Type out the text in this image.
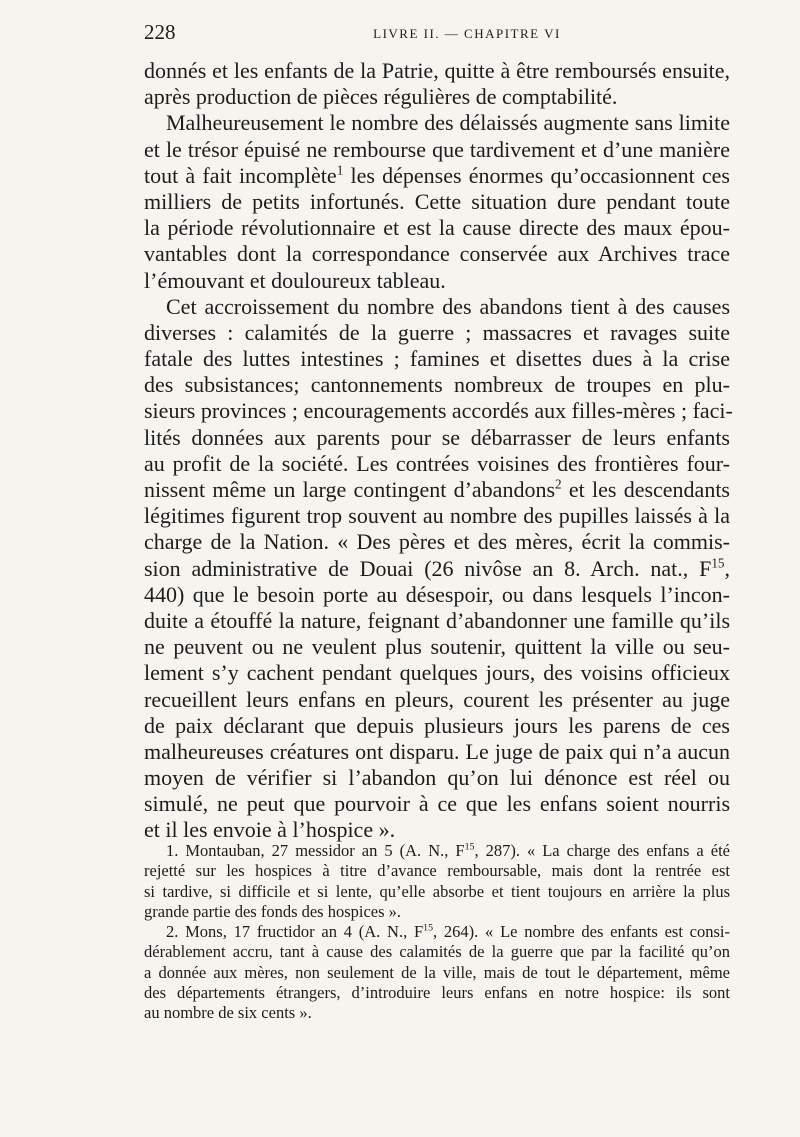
228	LIVRE II. — CHAPITRE VI
donnés et les enfants de la Patrie, quitte à être remboursés ensuite,
après production de pièces régulières de comptabilité.
Malheureusement le nombre des délaissés augmente sans limite
et le trésor épuisé ne rembourse que tardivement et d’une manière
tout à fait incomplète$^1$ les dépenses énormes qu’occasionnent ces
milliers de petits infortunés. Cette situation dure pendant toute
la période révolutionnaire et est la cause directe des maux épou-
vantables dont la correspondance conservée aux Archives trace
l’émouvant et douloureux tableau.
Cet accroissement du nombre des abandons tient à des causes
diverses : calamités de la guerre ; massacres et ravages suite
fatale des luttes intestines ; famines et disettes dues à la crise
des subsistances; cantonnements nombreux de troupes en plu-
sieurs provinces ; encouragements accordés aux filles-mères ; faci-
lités données aux parents pour se débarrasser de leurs enfants
au profit de la société. Les contrées voisines des frontières four-
nissent même un large contingent d’abandons$^2$ et les descendants
légitimes figurent trop souvent au nombre des pupilles laissés à la
charge de la Nation. « Des pères et des mères, écrit la commis-
sion administrative de Douai (26 nivôse an 8. Arch. nat., $F^{15}$,
440) que le besoin porte au désespoir, ou dans lesquels l’incon-
duite a étouffé la nature, feignant d’abandonner une famille qu’ils
ne peuvent ou ne veulent plus soutenir, quittent la ville ou seu-
lement s’y cachent pendant quelques jours, des voisins officieux
recueillent leurs enfans en pleurs, courent les présenter au juge
de paix déclarant que depuis plusieurs jours les parens de ces
malheureuses créatures ont disparu. Le juge de paix qui n’a aucun
moyen de vérifier si l’abandon qu’on lui dénonce est réel ou
simulé, ne peut que pourvoir à ce que les enfans soient nourris
et il les envoie à l’hospice ».
1. Montauban, 27 messidor an 5 (A. N., $F^{15}$, 287). « La charge des enfans a été
rejetté sur les hospices à titre d’avance remboursable, mais dont la rentrée est
si tardive, si difficile et si lente, qu’elle absorbe et tient toujours en arrière la plus
grande partie des fonds des hospices ».
2. Mons, 17 fructidor an 4 (A. N., $F^{15}$, 264). « Le nombre des enfants est consi-
dérablement accru, tant à cause des calamités de la guerre que par la facilité qu’on
a donnée aux mères, non seulement de la ville, mais de tout le département, même
des départements étrangers, d’introduire leurs enfans en notre hospice: ils sont
au nombre de six cents ».
